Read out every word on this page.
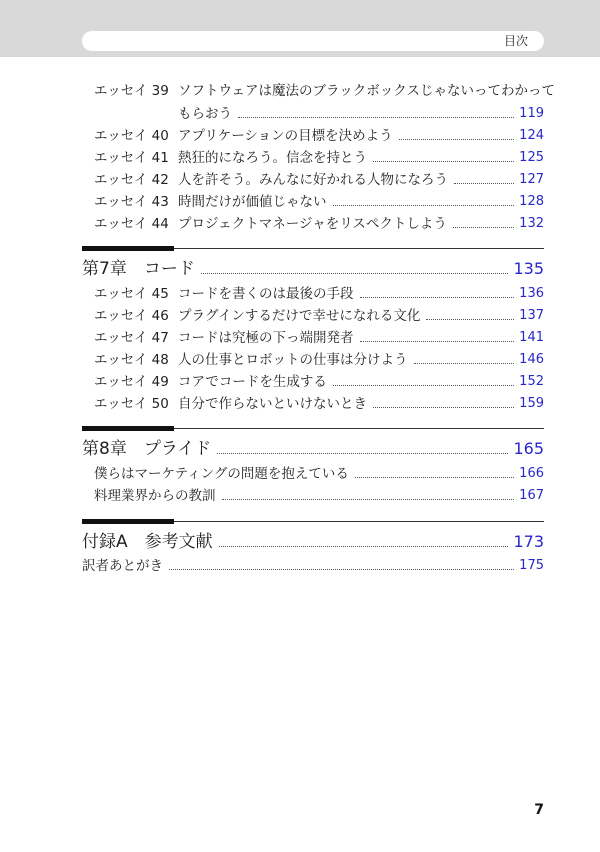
目次
エッセイ 39 ソフトウェアは魔法のブラックボックスじゃないってわかって
もらおう	119
エッセイ 40 アプリケーションの目標を決めよう	124
エッセイ 41 熱狂的になろう。信念を持とう	125
エッセイ 42 人を許そう。みんなに好かれる人物になろう	127
エッセイ 43 時間だけが価値じゃない	128
エッセイ 44 プロジェクトマネージャをリスペクトしよう	132
第7章　コード	135
エッセイ 45 コードを書くのは最後の手段	136
エッセイ 46 プラグインするだけで幸せになれる文化	137
エッセイ 47 コードは究極の下っ端開発者	141
エッセイ 48 人の仕事とロボットの仕事は分けよう	146
エッセイ 49 コアでコードを生成する	152
エッセイ 50 自分で作らないといけないとき	159
第8章　プライド	165
僕らはマーケティングの問題を抱えている	166
料理業界からの教訓	167
付録A　参考文献	173
訳者あとがき	175
7
